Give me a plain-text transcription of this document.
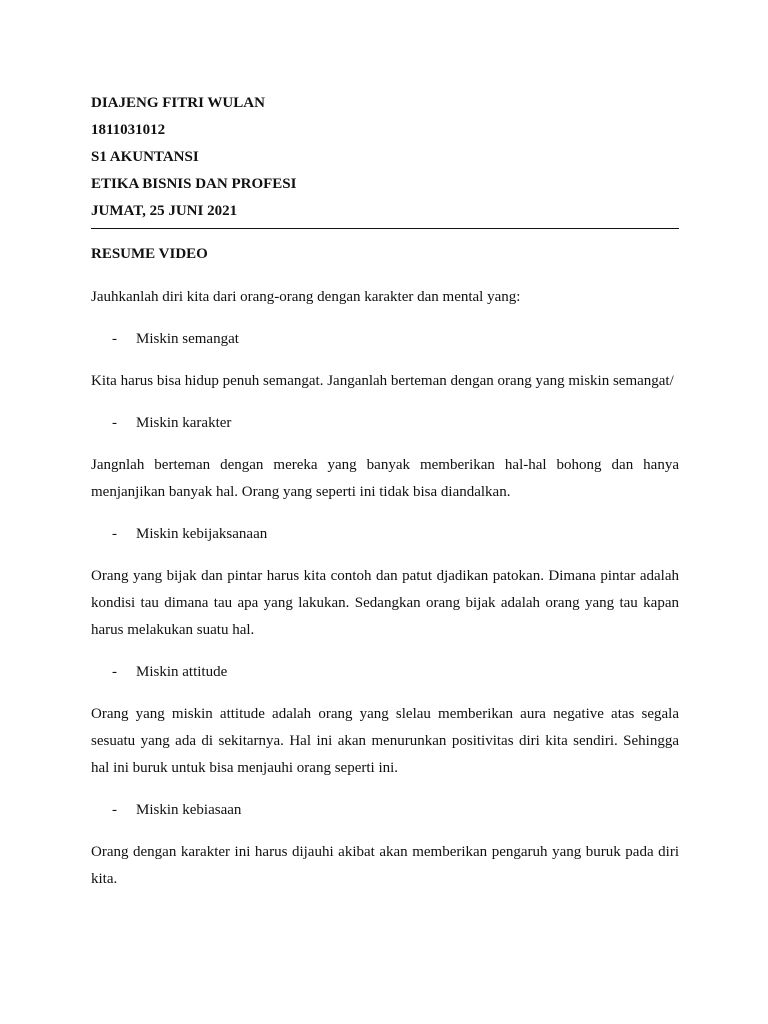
DIAJENG FITRI WULAN
1811031012
S1 AKUNTANSI
ETIKA BISNIS DAN PROFESI
JUMAT, 25 JUNI 2021
RESUME VIDEO
Jauhkanlah diri kita dari orang-orang dengan karakter dan mental yang:
- Miskin semangat
Kita harus bisa hidup penuh semangat. Janganlah berteman dengan orang yang miskin semangat/
- Miskin karakter
Jangnlah berteman dengan mereka yang banyak memberikan hal-hal bohong dan hanya menjanjikan banyak hal. Orang yang seperti ini tidak bisa diandalkan.
- Miskin kebijaksanaan
Orang yang bijak dan pintar harus kita contoh dan patut djadikan patokan. Dimana pintar adalah kondisi tau dimana tau apa yang lakukan. Sedangkan orang bijak adalah orang yang tau kapan harus melakukan suatu hal.
- Miskin attitude
Orang yang miskin attitude adalah orang yang slelau memberikan aura negative atas segala sesuatu yang ada di sekitarnya. Hal ini akan menurunkan positivitas diri kita sendiri. Sehingga hal ini buruk untuk bisa menjauhi orang seperti ini.
- Miskin kebiasaan
Orang dengan karakter ini harus dijauhi akibat akan memberikan pengaruh yang buruk pada diri kita.
